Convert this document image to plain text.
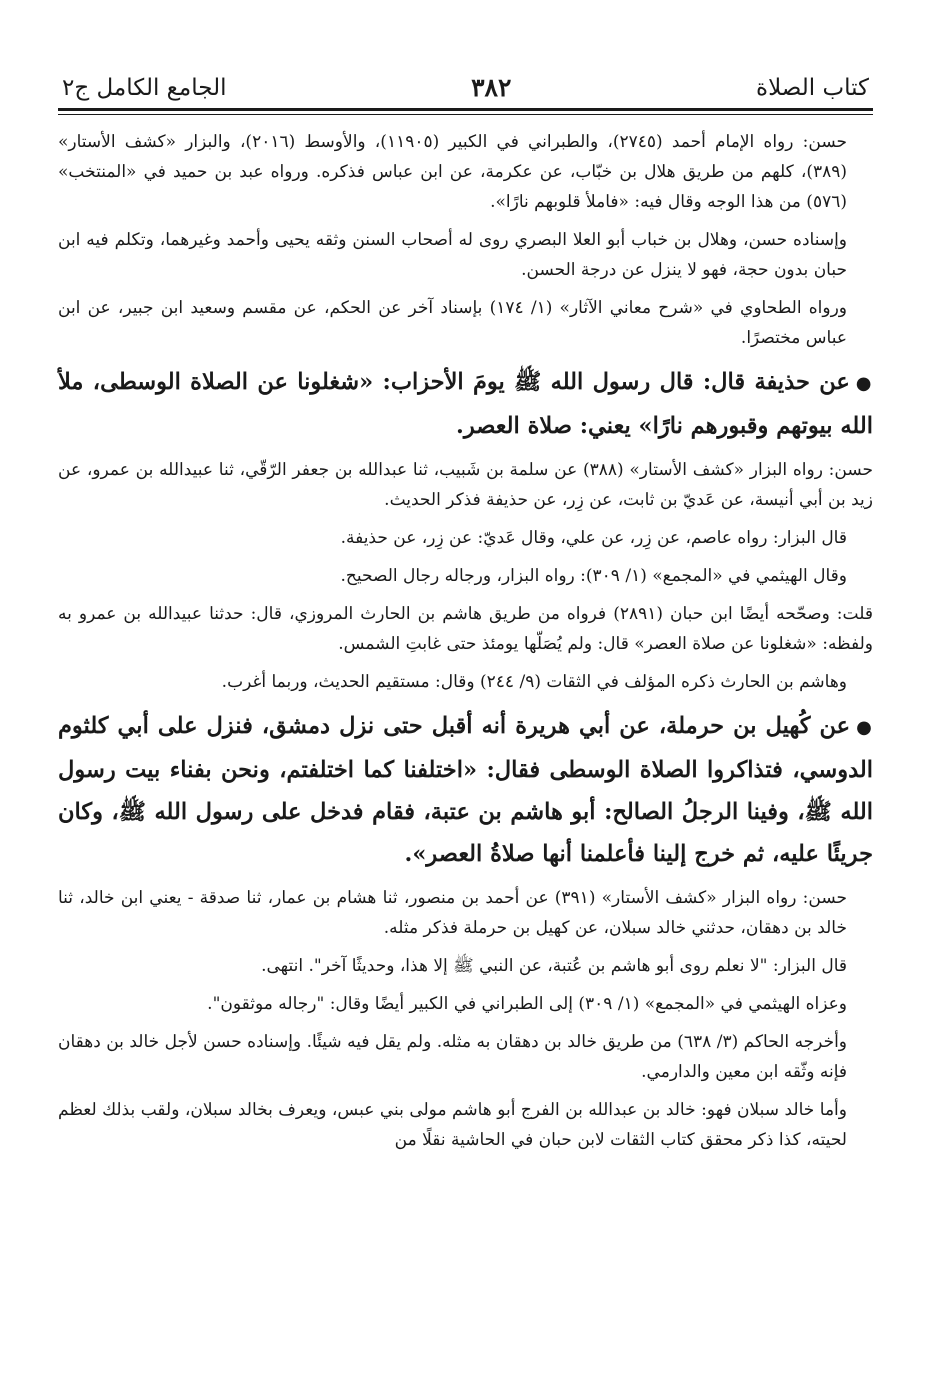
كتاب الصلاة
٣٨٢
الجامع الكامل ج٢

حسن: رواه الإمام أحمد (٢٧٤٥)، والطبراني في الكبير (١١٩٠٥)، والأوسط (٢٠١٦)، والبزار «كشف الأستار» (٣٨٩)، كلهم من طريق هلال بن خبّاب، عن عكرمة، عن ابن عباس فذكره. ورواه عبد بن حميد في «المنتخب» (٥٧٦) من هذا الوجه وقال فيه: «فاملأ قلوبهم نارًا».

وإسناده حسن، وهلال بن خباب أبو العلا البصري روى له أصحاب السنن وثقه يحيى وأحمد وغيرهما، وتكلم فيه ابن حبان بدون حجة، فهو لا ينزل عن درجة الحسن.

ورواه الطحاوي في «شرح معاني الآثار» (١/ ١٧٤) بإسناد آخر عن الحكم، عن مقسم وسعيد ابن جبير، عن ابن عباس مختصرًا.

●عن حذيفة قال: قال رسول الله ﷺ يومَ الأحزاب: «شغلونا عن الصلاة الوسطى، ملأ الله بيوتهم وقبورهم نارًا» يعني: صلاة العصر.

حسن: رواه البزار «كشف الأستار» (٣٨٨) عن سلمة بن شَبيب، ثنا عبدالله بن جعفر الرّقّي، ثنا عبيدالله بن عمرو، عن زيد بن أبي أنيسة، عن عَديّ بن ثابت، عن زِر، عن حذيفة فذكر الحديث.

قال البزار: رواه عاصم، عن زِر، عن علي، وقال عَديّ: عن زِر، عن حذيفة.

وقال الهيثمي في «المجمع» (١/ ٣٠٩): رواه البزار، ورجاله رجال الصحيح.

قلت: وصحّحه أيضًا ابن حبان (٢٨٩١) فرواه من طريق هاشم بن الحارث المروزي، قال: حدثنا عبيدالله بن عمرو به ولفظه: «شغلونا عن صلاة العصر» قال: ولم يُصَلّها يومئذ حتى غابتِ الشمس.

وهاشم بن الحارث ذكره المؤلف في الثقات (٩/ ٢٤٤) وقال: مستقيم الحديث، وربما أغرب.

●عن كُهيل بن حرملة، عن أبي هريرة أنه أقبل حتى نزل دمشق، فنزل على أبي كلثوم الدوسي، فتذاكروا الصلاة الوسطى فقال: «اختلفنا كما اختلفتم، ونحن بفناء بيت رسول الله ﷺ، وفينا الرجلُ الصالح: أبو هاشم بن عتبة، فقام فدخل على رسول الله ﷺ، وكان جريئًا عليه، ثم خرج إلينا فأعلمنا أنها صلاةُ العصر».

حسن: رواه البزار «كشف الأستار» (٣٩١) عن أحمد بن منصور، ثنا هشام بن عمار، ثنا صدقة - يعني ابن خالد، ثنا خالد بن دهقان، حدثني خالد سبلان، عن كهيل بن حرملة فذكر مثله.

قال البزار: "لا نعلم روى أبو هاشم بن عُتبة، عن النبي ﷺ إلا هذا، وحديثًا آخر". انتهى.

وعزاه الهيثمي في «المجمع» (١/ ٣٠٩) إلى الطبراني في الكبير أيضًا وقال: "رجاله موثقون".

وأخرجه الحاكم (٣/ ٦٣٨) من طريق خالد بن دهقان به مثله. ولم يقل فيه شيئًا. وإسناده حسن لأجل خالد بن دهقان فإنه وثّقه ابن معين والدارمي.

وأما خالد سبلان فهو: خالد بن عبدالله بن الفرج أبو هاشم مولى بني عبس، ويعرف بخالد سبلان، ولقب بذلك لعظم لحيته، كذا ذكر محقق كتاب الثقات لابن حبان في الحاشية نقلًا من
